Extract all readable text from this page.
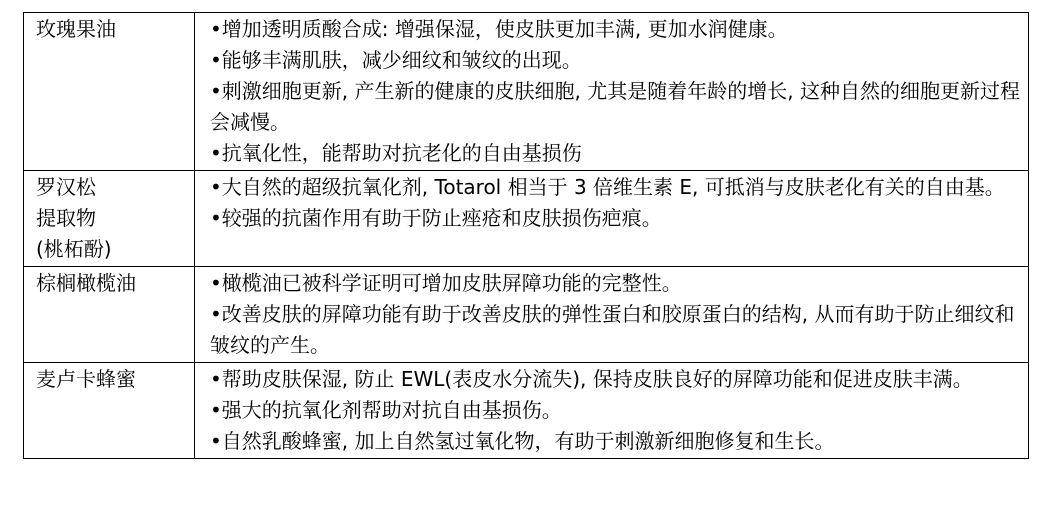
玫瑰果油	•增加透明质酸合成: 增强保湿，使皮肤更加丰满, 更加水润健康。
•能够丰满肌肤，减少细纹和皱纹的出现。
•刺激细胞更新, 产生新的健康的皮肤细胞, 尤其是随着年龄的增长, 这种自然的细胞更新过程会减慢。
•抗氧化性，能帮助对抗老化的自由基损伤

罗汉松
提取物
(桃柘酚)	•大自然的超级抗氧化剂, Totarol 相当于 3 倍维生素 E, 可抵消与皮肤老化有关的自由基。
•较强的抗菌作用有助于防止痤疮和皮肤损伤疤痕。

棕榈橄榄油	•橄榄油已被科学证明可增加皮肤屏障功能的完整性。
•改善皮肤的屏障功能有助于改善皮肤的弹性蛋白和胶原蛋白的结构, 从而有助于防止细纹和皱纹的产生。

麦卢卡蜂蜜	•帮助皮肤保湿, 防止 EWL(表皮水分流失), 保持皮肤良好的屏障功能和促进皮肤丰满。
•强大的抗氧化剂帮助对抗自由基损伤。
•自然乳酸蜂蜜, 加上自然氢过氧化物，有助于刺激新细胞修复和生长。
